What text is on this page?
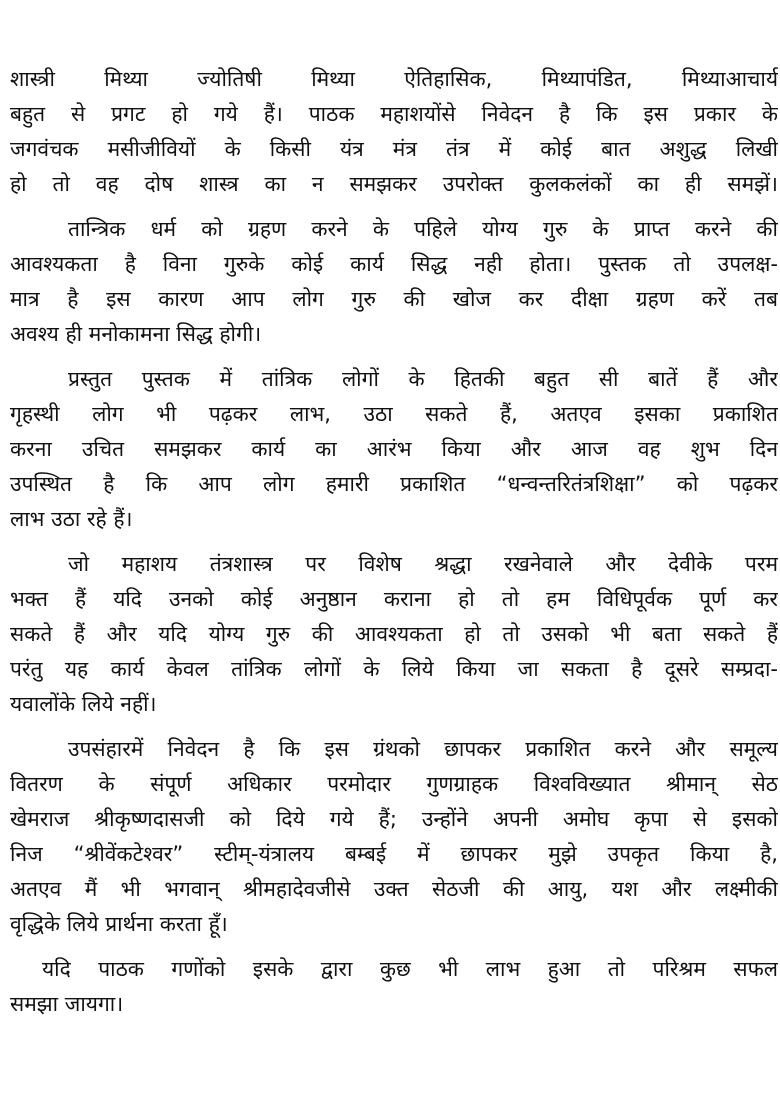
शास्त्री मिथ्या ज्योतिषी मिथ्या ऐतिहासिक, मिथ्यापंडित, मिथ्याआचार्य
बहुत से प्रगट हो गये हैं। पाठक महाशयोंसे निवेदन है कि इस प्रकार के
जगवंचक मसीजीवियों के किसी यंत्र मंत्र तंत्र में कोई बात अशुद्ध लिखी
हो तो वह दोष शास्त्र का न समझकर उपरोक्त कुलकलंकों का ही समझें।
तान्त्रिक धर्म को ग्रहण करने के पहिले योग्य गुरु के प्राप्त करने की
आवश्यकता है विना गुरुके कोई कार्य सिद्ध नही होता। पुस्तक तो उपलक्ष-
मात्र है इस कारण आप लोग गुरु की खोज कर दीक्षा ग्रहण करें तब
अवश्य ही मनोकामना सिद्ध होगी।
प्रस्तुत पुस्तक में तांत्रिक लोगों के हितकी बहुत सी बातें हैं और
गृहस्थी लोग भी पढ़कर लाभ, उठा सकते हैं, अतएव इसका प्रकाशित
करना उचित समझकर कार्य का आरंभ किया और आज वह शुभ दिन
उपस्थित है कि आप लोग हमारी प्रकाशित “धन्वन्तरितंत्रशिक्षा” को पढ़कर
लाभ उठा रहे हैं।
जो महाशय तंत्रशास्त्र पर विशेष श्रद्धा रखनेवाले और देवीके परम
भक्त हैं यदि उनको कोई अनुष्ठान कराना हो तो हम विधिपूर्वक पूर्ण कर
सकते हैं और यदि योग्य गुरु की आवश्यकता हो तो उसको भी बता सकते हैं
परंतु यह कार्य केवल तांत्रिक लोगों के लिये किया जा सकता है दूसरे सम्प्रदा-
यवालोंके लिये नहीं।
उपसंहारमें निवेदन है कि इस ग्रंथको छापकर प्रकाशित करने और समूल्य
वितरण के संपूर्ण अधिकार परमोदार गुणग्राहक विश्वविख्यात श्रीमान् सेठ
खेमराज श्रीकृष्णदासजी को दिये गये हैं; उन्होंने अपनी अमोघ कृपा से इसको
निज “श्रीवेंकटेश्वर” स्टीम्-यंत्रालय बम्बई में छापकर मुझे उपकृत किया है,
अतएव मैं भी भगवान् श्रीमहादेवजीसे उक्त सेठजी की आयु, यश और लक्ष्मीकी
वृद्धिके लिये प्रार्थना करता हूँ।
यदि पाठक गणोंको इसके द्वारा कुछ भी लाभ हुआ तो परिश्रम सफल
समझा जायगा।
